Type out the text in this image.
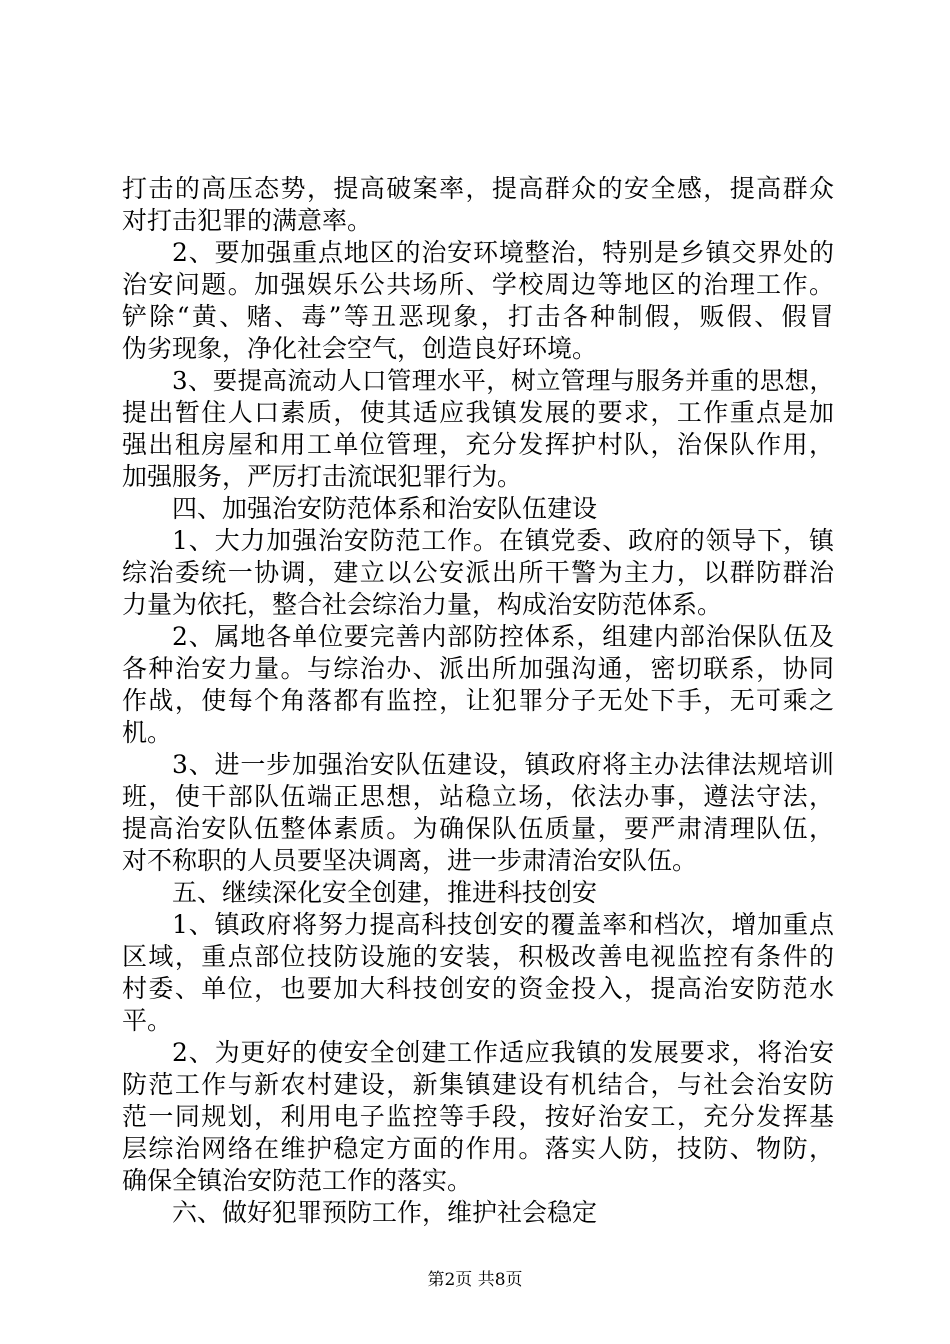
打击的高压态势，提高破案率，提高群众的安全感，提高群众
对打击犯罪的满意率。
2、要加强重点地区的治安环境整治，特别是乡镇交界处的
治安问题。加强娱乐公共场所、学校周边等地区的治理工作。
铲除“黄、赌、毒”等丑恶现象，打击各种制假，贩假、假冒
伪劣现象，净化社会空气，创造良好环境。
3、要提高流动人口管理水平，树立管理与服务并重的思想，
提出暂住人口素质，使其适应我镇发展的要求，工作重点是加
强出租房屋和用工单位管理，充分发挥护村队，治保队作用，
加强服务，严厉打击流氓犯罪行为。
四、加强治安防范体系和治安队伍建设
1、大力加强治安防范工作。在镇党委、政府的领导下，镇
综治委统一协调，建立以公安派出所干警为主力，以群防群治
力量为依托，整合社会综治力量，构成治安防范体系。
2、属地各单位要完善内部防控体系，组建内部治保队伍及
各种治安力量。与综治办、派出所加强沟通，密切联系，协同
作战，使每个角落都有监控，让犯罪分子无处下手，无可乘之
机。
3、进一步加强治安队伍建设，镇政府将主办法律法规培训
班，使干部队伍端正思想，站稳立场，依法办事，遵法守法，
提高治安队伍整体素质。为确保队伍质量，要严肃清理队伍，
对不称职的人员要坚决调离，进一步肃清治安队伍。
五、继续深化安全创建，推进科技创安
1、镇政府将努力提高科技创安的覆盖率和档次，增加重点
区域，重点部位技防设施的安装，积极改善电视监控有条件的
村委、单位，也要加大科技创安的资金投入，提高治安防范水
平。
2、为更好的使安全创建工作适应我镇的发展要求，将治安
防范工作与新农村建设，新集镇建设有机结合，与社会治安防
范一同规划，利用电子监控等手段，按好治安工，充分发挥基
层综治网络在维护稳定方面的作用。落实人防，技防、物防，
确保全镇治安防范工作的落实。
六、做好犯罪预防工作，维护社会稳定
第2页 共8页
